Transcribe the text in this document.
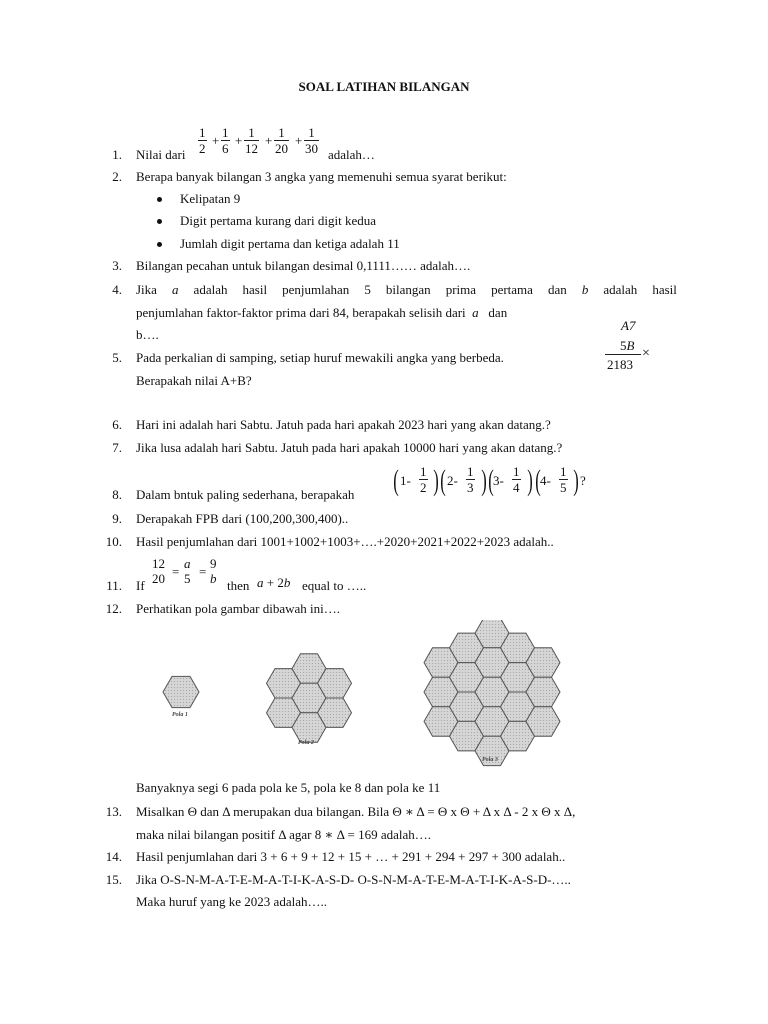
SOAL LATIHAN BILANGAN
1. Nilai dari $\frac{1}{2} + \frac{1}{6} + \frac{1}{12} + \frac{1}{20} + \frac{1}{30}$ adalah…
2. Berapa banyak bilangan 3 angka yang memenuhi semua syarat berikut:
Kelipatan 9
Digit pertama kurang dari digit kedua
Jumlah digit pertama dan ketiga adalah 11
3. Bilangan pecahan untuk bilangan desimal 0,1111…… adalah….
4. Jika a adalah hasil penjumlahan 5 bilangan prima pertama dan b adalah hasil
penjumlahan faktor-faktor prima dari 84, berapakah selisih dari a dan
b….
5. Pada perkalian di samping, setiap huruf mewakili angka yang berbeda.
Berapakah nilai A+B?
A7
5B
×
2183
6. Hari ini adalah hari Sabtu. Jatuh pada hari apakah 2023 hari yang akan datang.?
7. Jika lusa adalah hari Sabtu. Jatuh pada hari apakah 10000 hari yang akan datang.?
8. Dalam bntuk paling sederhana, berapakah ( $1- \frac{1}{2}$ ) ( $2- \frac{1}{3}$ ) ( $3- \frac{1}{4}$ ) ( $4- \frac{1}{5}$ ) ?
9. Derapakah FPB dari (100,200,300,400)..
10. Hasil penjumlahan dari 1001+1002+1003+….+2020+2021+2022+2023 adalah..
11. If
12
20 =
a
5 =
9
b then a + 2b equal to …..
12. Perhatikan pola gambar dibawah ini….
Pola 1
Pola 2
Pola 3
Banyaknya segi 6 pada pola ke 5, pola ke 8 dan pola ke 11
13. Misalkan Θ dan Δ merupakan dua bilangan. Bila Θ ∗ Δ = Θ x Θ + Δ x Δ - 2 x Θ x Δ,
maka nilai bilangan positif Δ agar 8 ∗ Δ = 169 adalah….
14. Hasil penjumlahan dari 3 + 6 + 9 + 12 + 15 + … + 291 + 294 + 297 + 300 adalah..
15. Jika O-S-N-M-A-T-E-M-A-T-I-K-A-S-D- O-S-N-M-A-T-E-M-A-T-I-K-A-S-D-…..
Maka huruf yang ke 2023 adalah…..
